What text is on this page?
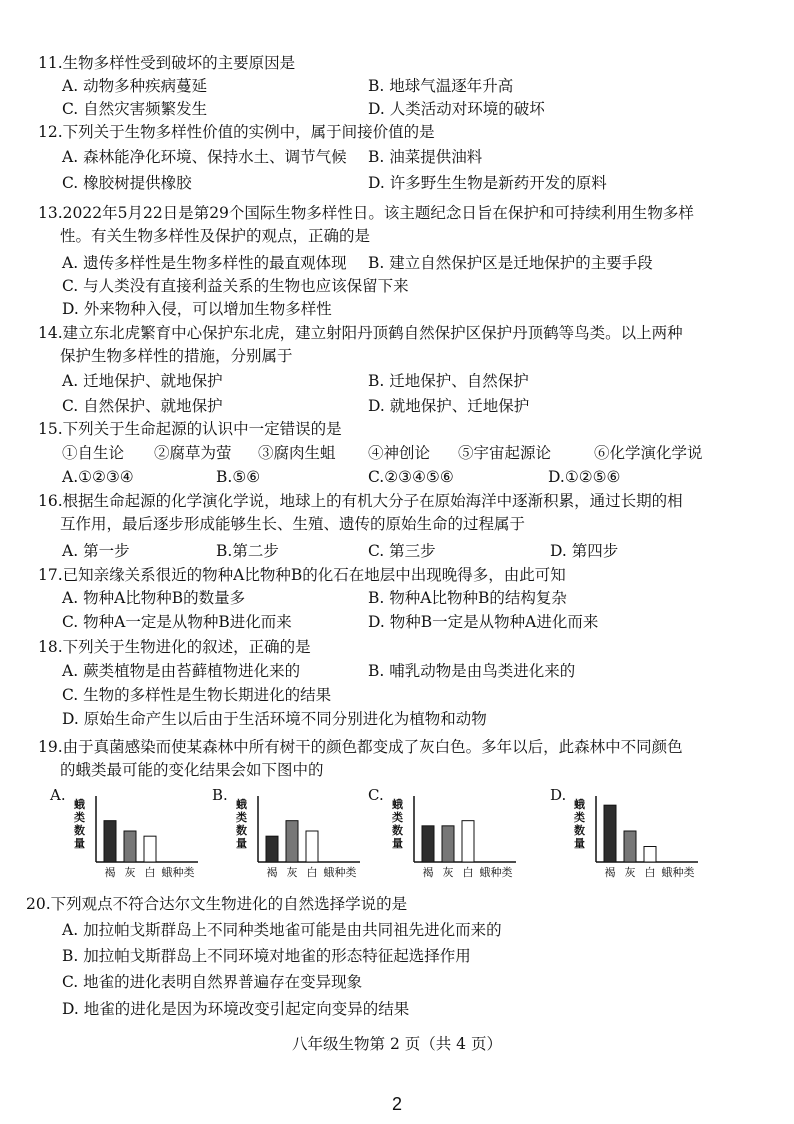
11.生物多样性受到破坏的主要原因是
A. 动物多种疾病蔓延	B. 地球气温逐年升高
C. 自然灾害频繁发生	D. 人类活动对环境的破坏
12.下列关于生物多样性价值的实例中，属于间接价值的是
A. 森林能净化环境、保持水土、调节气候 B. 油菜提供油料
C. 橡胶树提供橡胶	D. 许多野生生物是新药开发的原料
13.2022年5月22日是第29个国际生物多样性日。该主题纪念日旨在保护和可持续利用生物多样
性。有关生物多样性及保护的观点，正确的是
A. 遗传多样性是生物多样性的最直观体现 B. 建立自然保护区是迁地保护的主要手段
C. 与人类没有直接利益关系的生物也应该保留下来
D. 外来物种入侵，可以增加生物多样性
14.建立东北虎繁育中心保护东北虎，建立射阳丹顶鹤自然保护区保护丹顶鹤等鸟类。以上两种
保护生物多样性的措施，分别属于
A. 迁地保护、就地保护	B. 迁地保护、自然保护
C. 自然保护、就地保护	D. 就地保护、迁地保护
15.下列关于生命起源的认识中一定错误的是
①自生论 ②腐草为萤 ③腐肉生蛆 ④神创论 ⑤宇宙起源论	⑥化学演化学说
A.①②③④	B.⑤⑥	C.②③④⑤⑥	D.①②⑤⑥
16.根据生命起源的化学演化学说，地球上的有机大分子在原始海洋中逐渐积累，通过长期的相
互作用，最后逐步形成能够生长、生殖、遗传的原始生命的过程属于
A. 第一步	B.第二步	C. 第三步	D. 第四步
17.已知亲缘关系很近的物种A比物种B的化石在地层中出现晚得多，由此可知
A. 物种A比物种B的数量多	B. 物种A比物种B的结构复杂
C. 物种A一定是从物种B进化而来	D. 物种B一定是从物种A进化而来
18.下列关于生物进化的叙述，正确的是
A. 蕨类植物是由苔藓植物进化来的	B. 哺乳动物是由鸟类进化来的
C. 生物的多样性是生物长期进化的结果
D. 原始生命产生以后由于生活环境不同分别进化为植物和动物
19.由于真菌感染而使某森林中所有树干的颜色都变成了灰白色。多年以后，此森林中不同颜色
的蛾类最可能的变化结果会如下图中的
A.
蛾类数量
褐 灰 白 蛾种类
B.
蛾类数量
褐 灰 白 蛾种类
C.
蛾类数量
褐 灰 白 蛾种类
D.
蛾类数量
褐 灰 白 蛾种类
20.下列观点不符合达尔文生物进化的自然选择学说的是
A. 加拉帕戈斯群岛上不同种类地雀可能是由共同祖先进化而来的
B. 加拉帕戈斯群岛上不同环境对地雀的形态特征起选择作用
C. 地雀的进化表明自然界普遍存在变异现象
D. 地雀的进化是因为环境改变引起定向变异的结果
八年级生物第 2 页（共 4 页）
2
